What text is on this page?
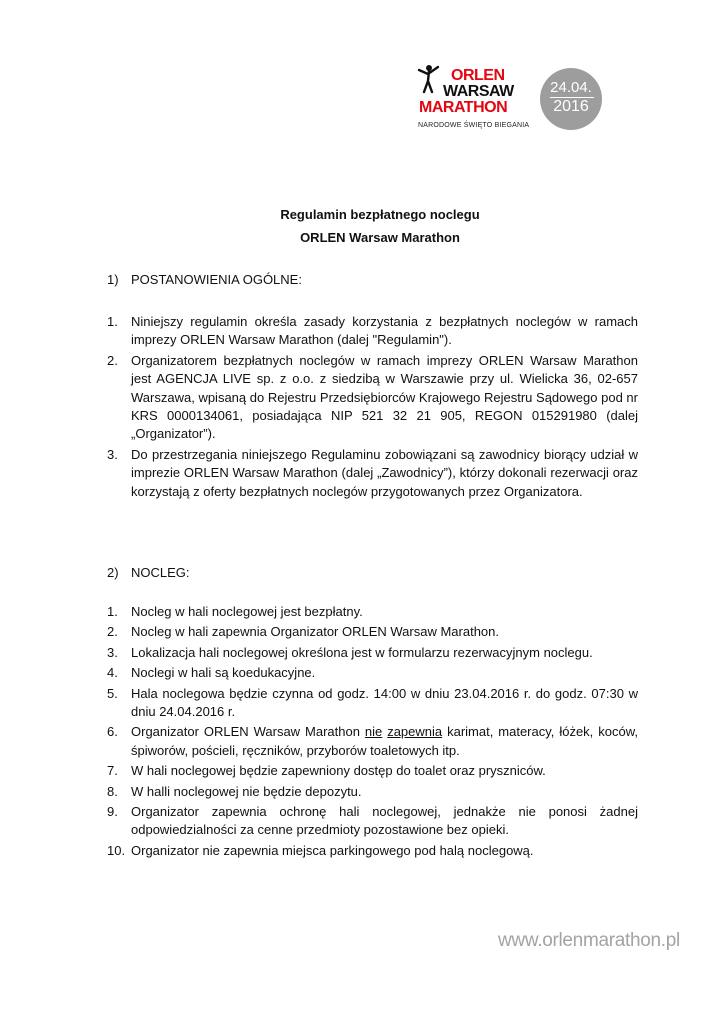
ORLEN
WARSAW
MARATHON
NARODOWE ŚWIĘTO BIEGANIA
24.04.
2016
Regulamin bezpłatnego noclegu
ORLEN Warsaw Marathon
1) POSTANOWIENIA OGÓLNE:
1. Niniejszy regulamin określa zasady korzystania z bezpłatnych noclegów w ramach imprezy ORLEN Warsaw Marathon (dalej "Regulamin").
2. Organizatorem bezpłatnych noclegów w ramach imprezy ORLEN Warsaw Marathon jest AGENCJA LIVE sp. z o.o. z siedzibą w Warszawie przy ul. Wielicka 36, 02-657 Warszawa, wpisaną do Rejestru Przedsiębiorców Krajowego Rejestru Sądowego pod nr KRS 0000134061, posiadająca NIP 521 32 21 905, REGON 015291980 (dalej „Organizator”).
3. Do przestrzegania niniejszego Regulaminu zobowiązani są zawodnicy biorący udział w imprezie ORLEN Warsaw Marathon (dalej „Zawodnicy”), którzy dokonali rezerwacji oraz korzystają z oferty bezpłatnych noclegów przygotowanych przez Organizatora.
2) NOCLEG:
1. Nocleg w hali noclegowej jest bezpłatny.
2. Nocleg w hali zapewnia Organizator ORLEN Warsaw Marathon.
3. Lokalizacja hali noclegowej określona jest w formularzu rezerwacyjnym noclegu.
4. Noclegi w hali są koedukacyjne.
5. Hala noclegowa będzie czynna od godz. 14:00 w dniu 23.04.2016 r. do godz. 07:30 w dniu 24.04.2016 r.
6. Organizator ORLEN Warsaw Marathon nie zapewnia karimat, materacy, łóżek, koców, śpiworów, pościeli, ręczników, przyborów toaletowych itp.
7. W hali noclegowej będzie zapewniony dostęp do toalet oraz pryszniców.
8. W halli noclegowej nie będzie depozytu.
9. Organizator zapewnia ochronę hali noclegowej, jednakże nie ponosi żadnej odpowiedzialności za cenne przedmioty pozostawione bez opieki.
10. Organizator nie zapewnia miejsca parkingowego pod halą noclegową.
www.orlenmarathon.pl
